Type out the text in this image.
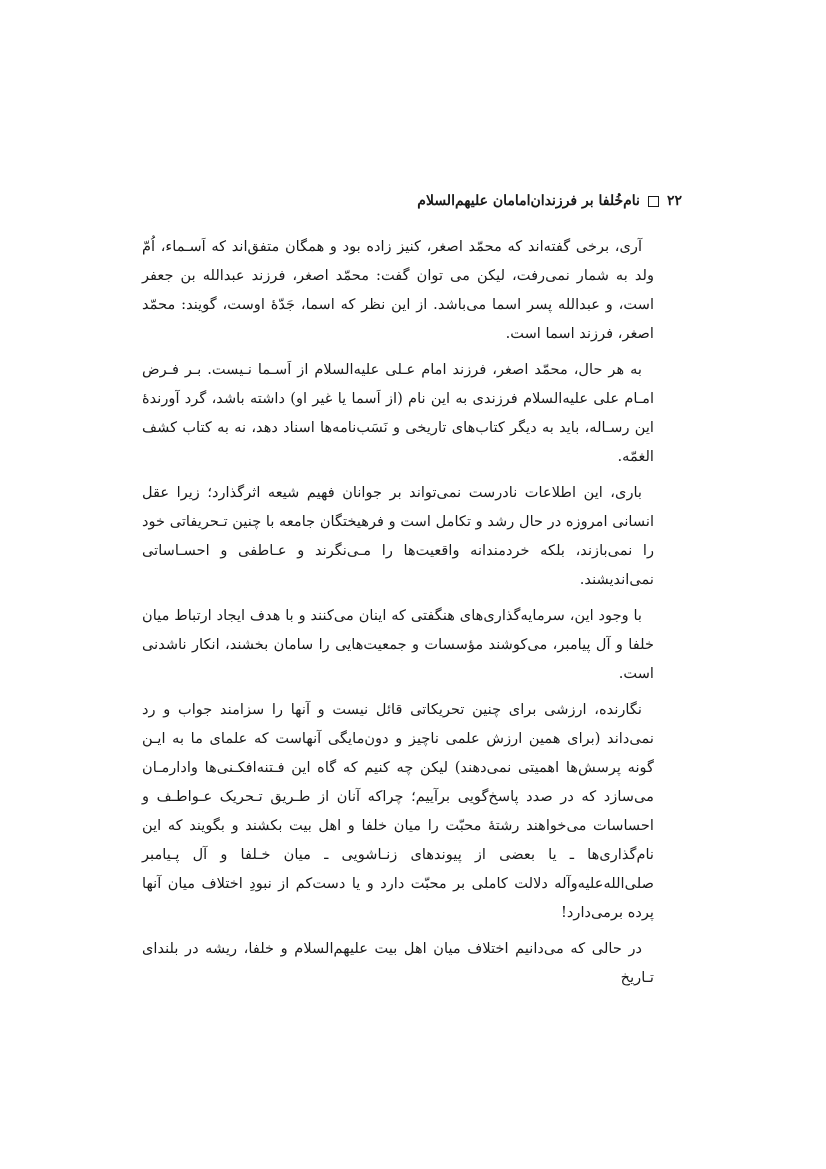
۲۲
نام‌خُلفا بر فرزندان‌امامان علیهم‌السلام

آری، برخی گفته‌اند که محمّد اصغر، کنیز زاده بود و همگان متفق‌اند که اَسـماء، اُمّ ولد به شمار نمی‌رفت، لیکن می توان گفت: محمّد اصغر، فرزند عبدالله بن جعفر است، و عبدالله پسر اسما می‌باشد. از این نظر که اسما، جَدّهٔ اوست، گویند: محمّد اصغر، فرزند اسما است.

به هر حال، محمّد اصغر، فرزند امام عـلی علیه‌السلام از اَسـما نـیست. بـر فـرض امـام علی علیه‌السلام فرزندی به این نام (از اَسما یا غیر او) داشته باشد، گرد آورندهٔ این رسـاله، باید به دیگر کتاب‌های تاریخی و نَسَب‌نامه‌ها اسناد دهد، نه به کتاب کشف الغمّه.

باری، این اطلاعات نادرست نمی‌تواند بر جوانان فهیم شیعه اثرگذارد؛ زیرا عقل انسانی امروزه در حال رشد و تکامل است و فرهیختگان جامعه با چنین تـحریفاتی خود را نمی‌بازند، بلکه خردمندانه واقعیت‌ها را مـی‌نگرند و عـاطفی و احسـاساتی نمی‌اندیشند.

با وجود این، سرمایه‌گذاری‌های هنگفتی که اینان می‌کنند و با هدف ایجاد ارتباط میان خلفا و آل پیامبر، می‌کوشند مؤسسات و جمعیت‌هایی را سامان بخشند، انکار ناشدنی است.

نگارنده، ارزشی برای چنین تحریکاتی قائل نیست و آنها را سزامند جواب و رد نمی‌داند (برای همین ارزش علمی ناچیز و دون‌مایگی آنهاست که علمای ما به ایـن گونه پرسش‌ها اهمیتی نمی‌دهند) لیکن چه کنیم که گاه این فـتنه‌افکـنی‌ها وادارمـان می‌سازد که در صدد پاسخ‌گویی برآییم؛ چراکه آنان از طـریق تـحریک عـواطـف و احساسات می‌خواهند رشتهٔ محبّت را میان خلفا و اهل بیت بکشند و بگویند که این نام‌گذاری‌ها ـ یا بعضی از پیوندهای زنـاشویی ـ میان خـلفا و آل پـیامبر صلی‌الله‌علیه‌وآله دلالت کاملی بر محبّت دارد و یا دست‌کم از نبودِ اختلاف میان آنها پرده برمی‌دارد!

در حالی که می‌دانیم اختلاف میان اهل بیت علیهم‌السلام و خلفا، ریشه در بلندای تـاریخ
